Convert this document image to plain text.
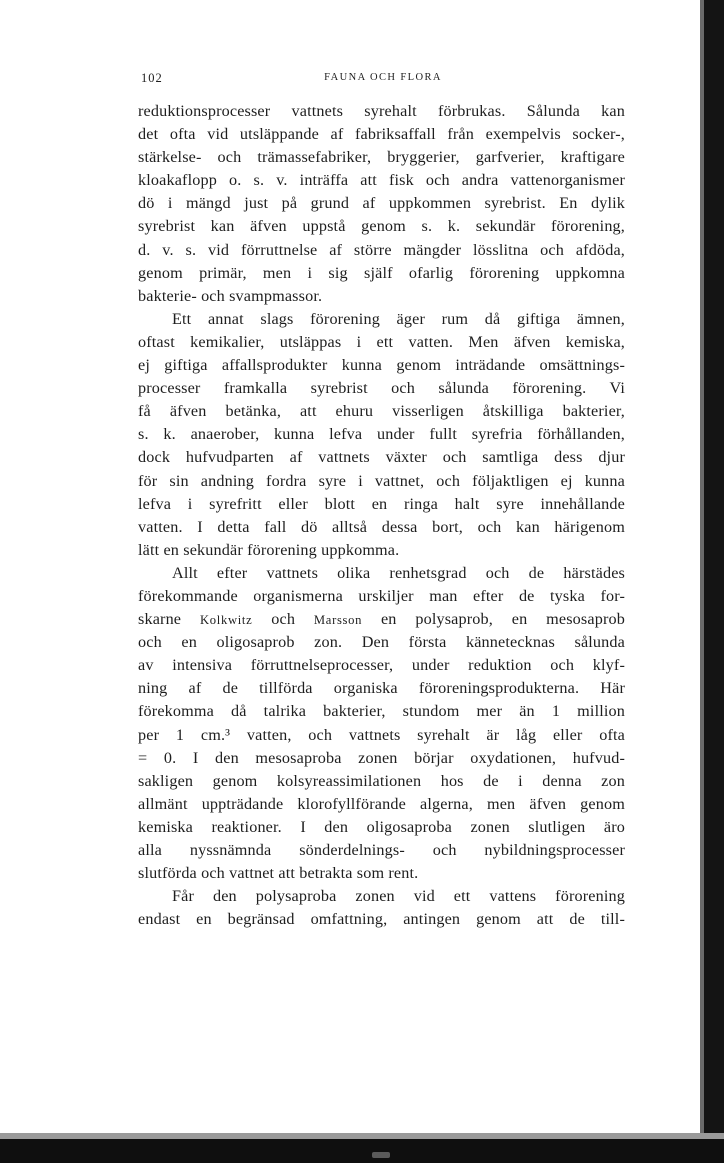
102	FAUNA OCH FLORA
reduktionsprocesser vattnets syrehalt förbrukas. Sålunda kan
det ofta vid utsläppande af fabriksaffall från exempelvis socker-,
stärkelse- och trämassefabriker, bryggerier, garfverier, kraftigare
kloakaflopp o. s. v. inträffa att fisk och andra vattenorganismer
dö i mängd just på grund af uppkommen syrebrist. En dylik
syrebrist kan äfven uppstå genom s. k. sekundär förorening,
d. v. s. vid förruttnelse af större mängder lösslitna och afdöda,
genom primär, men i sig själf ofarlig förorening uppkomna
bakterie- och svampmassor.
Ett annat slags förorening äger rum då giftiga ämnen,
oftast kemikalier, utsläppas i ett vatten. Men äfven kemiska,
ej giftiga affallsprodukter kunna genom inträdande omsättnings-
processer framkalla syrebrist och sålunda förorening. Vi
få äfven betänka, att ehuru visserligen åtskilliga bakterier,
s. k. anaerober, kunna lefva under fullt syrefria förhållanden,
dock hufvudparten af vattnets växter och samtliga dess djur
för sin andning fordra syre i vattnet, och följaktligen ej kunna
lefva i syrefritt eller blott en ringa halt syre innehållande
vatten. I detta fall dö alltså dessa bort, och kan härigenom
lätt en sekundär förorening uppkomma.
Allt efter vattnets olika renhetsgrad och de härstädes
förekommande organismerna urskiljer man efter de tyska for-
skarne Kolkwitz och Marsson en polysaprob, en mesosaprob
och en oligosaprob zon. Den första kännetecknas sålunda
av intensiva förruttnelseprocesser, under reduktion och klyf-
ning af de tillförda organiska föroreningsprodukterna. Här
förekomma då talrika bakterier, stundom mer än 1 million
per 1 cm.³ vatten, och vattnets syrehalt är låg eller ofta
= 0. I den mesosaproba zonen börjar oxydationen, hufvud-
sakligen genom kolsyreassimilationen hos de i denna zon
allmänt uppträdande klorofyllförande algerna, men äfven genom
kemiska reaktioner. I den oligosaproba zonen slutligen äro
alla nyssnämnda sönderdelnings- och nybildningsprocesser
slutförda och vattnet att betrakta som rent.
Får den polysaproba zonen vid ett vattens förorening
endast en begränsad omfattning, antingen genom att de till-
